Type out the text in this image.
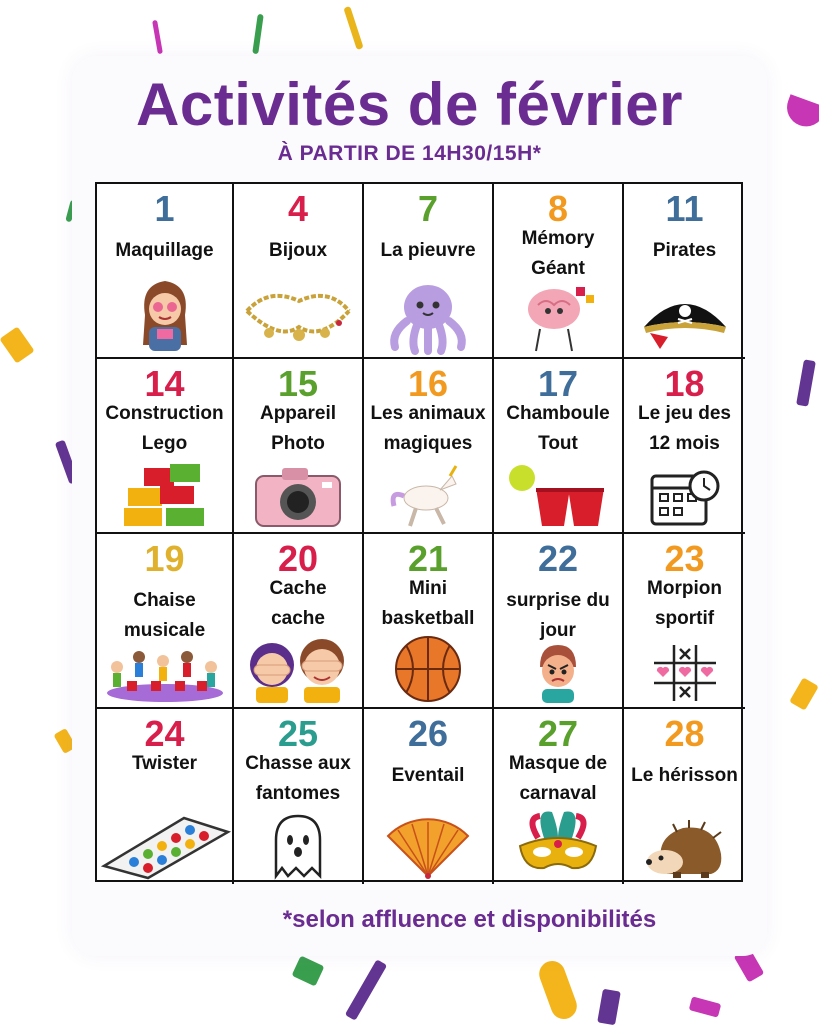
Activités de février
À PARTIR DE 14H30/15H*
1
Maquillage
4
Bijoux
7
La pieuvre
8
Mémory
Géant
11
Pirates
14
Construction
Lego
15
Appareil
Photo
16
Les animaux
magiques
17
Chamboule
Tout
18
Le jeu des
12 mois
19
Chaise
musicale
20
Cache
cache
21
Mini
basketball
22
surprise du
jour
23
Morpion
sportif
24
Twister
25
Chasse aux
fantomes
26
Eventail
27
Masque de
carnaval
28
Le hérisson
*selon affluence et disponibilités
